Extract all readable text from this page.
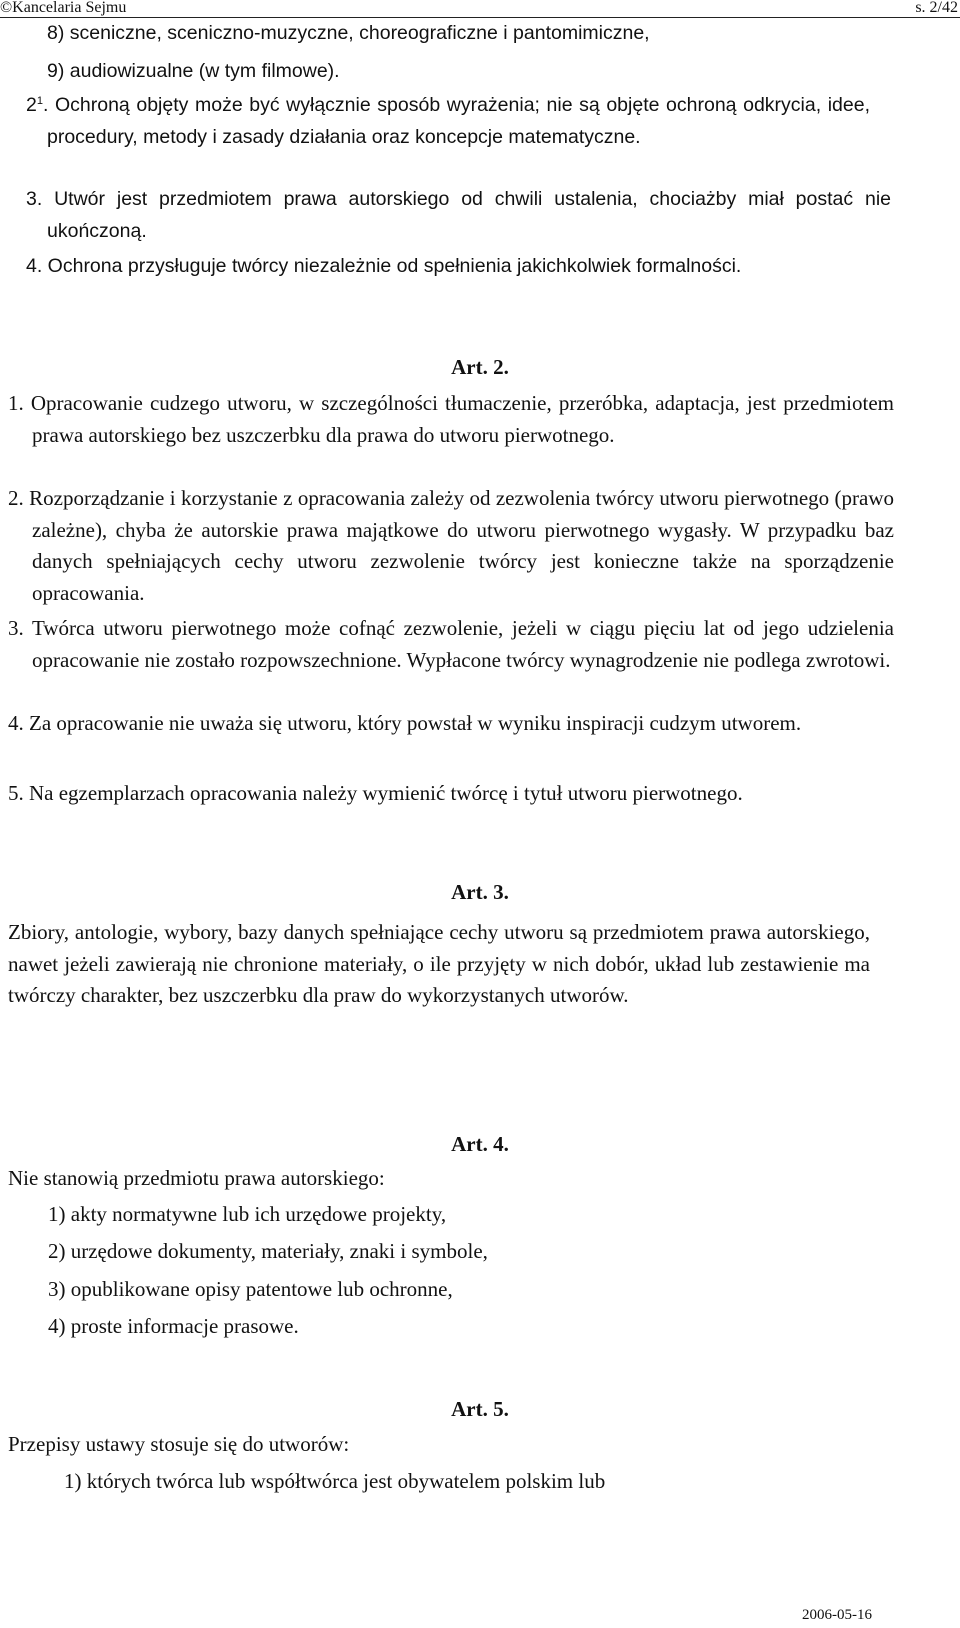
©Kancelaria Sejmu	s. 2/42
8) sceniczne, sceniczno-muzyczne, choreograficzne i pantomimiczne,
9) audiowizualne (w tym filmowe).

$2^1$. Ochroną objęty może być wyłącznie sposób wyrażenia; nie są objęte ochroną odkrycia, idee, procedury, metody i zasady działania oraz koncepcje matematyczne.

3. Utwór jest przedmiotem prawa autorskiego od chwili ustalenia, chociażby miał postać nie ukończoną.

4. Ochrona przysługuje twórcy niezależnie od spełnienia jakichkolwiek formalności.

Art. 2.

1. Opracowanie cudzego utworu, w szczególności tłumaczenie, przeróbka, adaptacja, jest przedmiotem prawa autorskiego bez uszczerbku dla prawa do utworu pierwotnego.

2. Rozporządzanie i korzystanie z opracowania zależy od zezwolenia twórcy utworu pierwotnego (prawo zależne), chyba że autorskie prawa majątkowe do utworu pierwotnego wygasły. W przypadku baz danych spełniających cechy utworu zezwolenie twórcy jest konieczne także na sporządzenie opracowania.

3. Twórca utworu pierwotnego może cofnąć zezwolenie, jeżeli w ciągu pięciu lat od jego udzielenia opracowanie nie zostało rozpowszechnione. Wypłacone twórcy wynagrodzenie nie podlega zwrotowi.

4. Za opracowanie nie uważa się utworu, który powstał w wyniku inspiracji cudzym utworem.

5. Na egzemplarzach opracowania należy wymienić twórcę i tytuł utworu pierwotnego.

Art. 3.

Zbiory, antologie, wybory, bazy danych spełniające cechy utworu są przedmiotem prawa autorskiego, nawet jeżeli zawierają nie chronione materiały, o ile przyjęty w nich dobór, układ lub zestawienie ma twórczy charakter, bez uszczerbku dla praw do wykorzystanych utworów.

Art. 4.
Nie stanowią przedmiotu prawa autorskiego:
1) akty normatywne lub ich urzędowe projekty,
2) urzędowe dokumenty, materiały, znaki i symbole,
3) opublikowane opisy patentowe lub ochronne,
4) proste informacje prasowe.
Art. 5.
Przepisy ustawy stosuje się do utworów:
1) których twórca lub współtwórca jest obywatelem polskim lub
2006-05-16
